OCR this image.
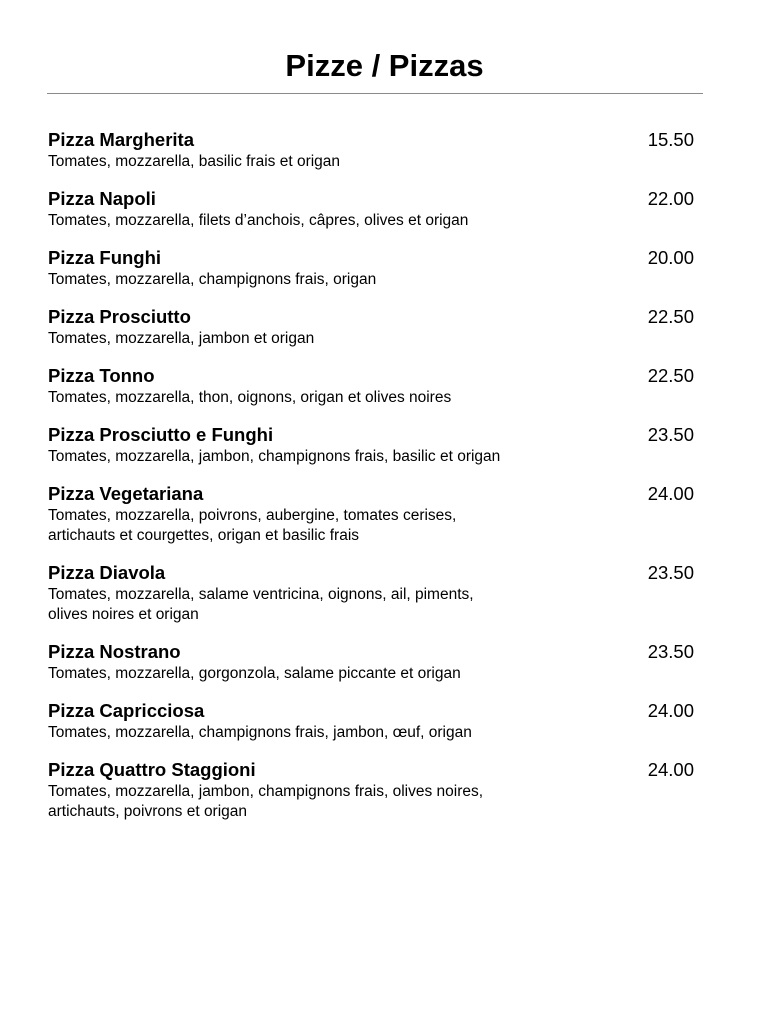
Pizze / Pizzas
Pizza Margherita	15.50
Tomates, mozzarella, basilic frais et origan
Pizza Napoli	22.00
Tomates, mozzarella, filets d’anchois, câpres, olives et origan
Pizza Funghi	20.00
Tomates, mozzarella, champignons frais, origan
Pizza Prosciutto	22.50
Tomates, mozzarella, jambon et origan
Pizza Tonno	22.50
Tomates, mozzarella, thon, oignons, origan et olives noires
Pizza Prosciutto e Funghi	23.50
Tomates, mozzarella, jambon, champignons frais, basilic et origan
Pizza Vegetariana	24.00
Tomates, mozzarella, poivrons, aubergine, tomates cerises,
artichauts et courgettes, origan et basilic frais
Pizza Diavola	23.50
Tomates, mozzarella, salame ventricina, oignons, ail, piments,
olives noires et origan
Pizza Nostrano	23.50
Tomates, mozzarella, gorgonzola, salame piccante et origan
Pizza Capricciosa	24.00
Tomates, mozzarella, champignons frais, jambon, œuf, origan
Pizza Quattro Staggioni	24.00
Tomates, mozzarella, jambon, champignons frais, olives noires,
artichauts, poivrons et origan
